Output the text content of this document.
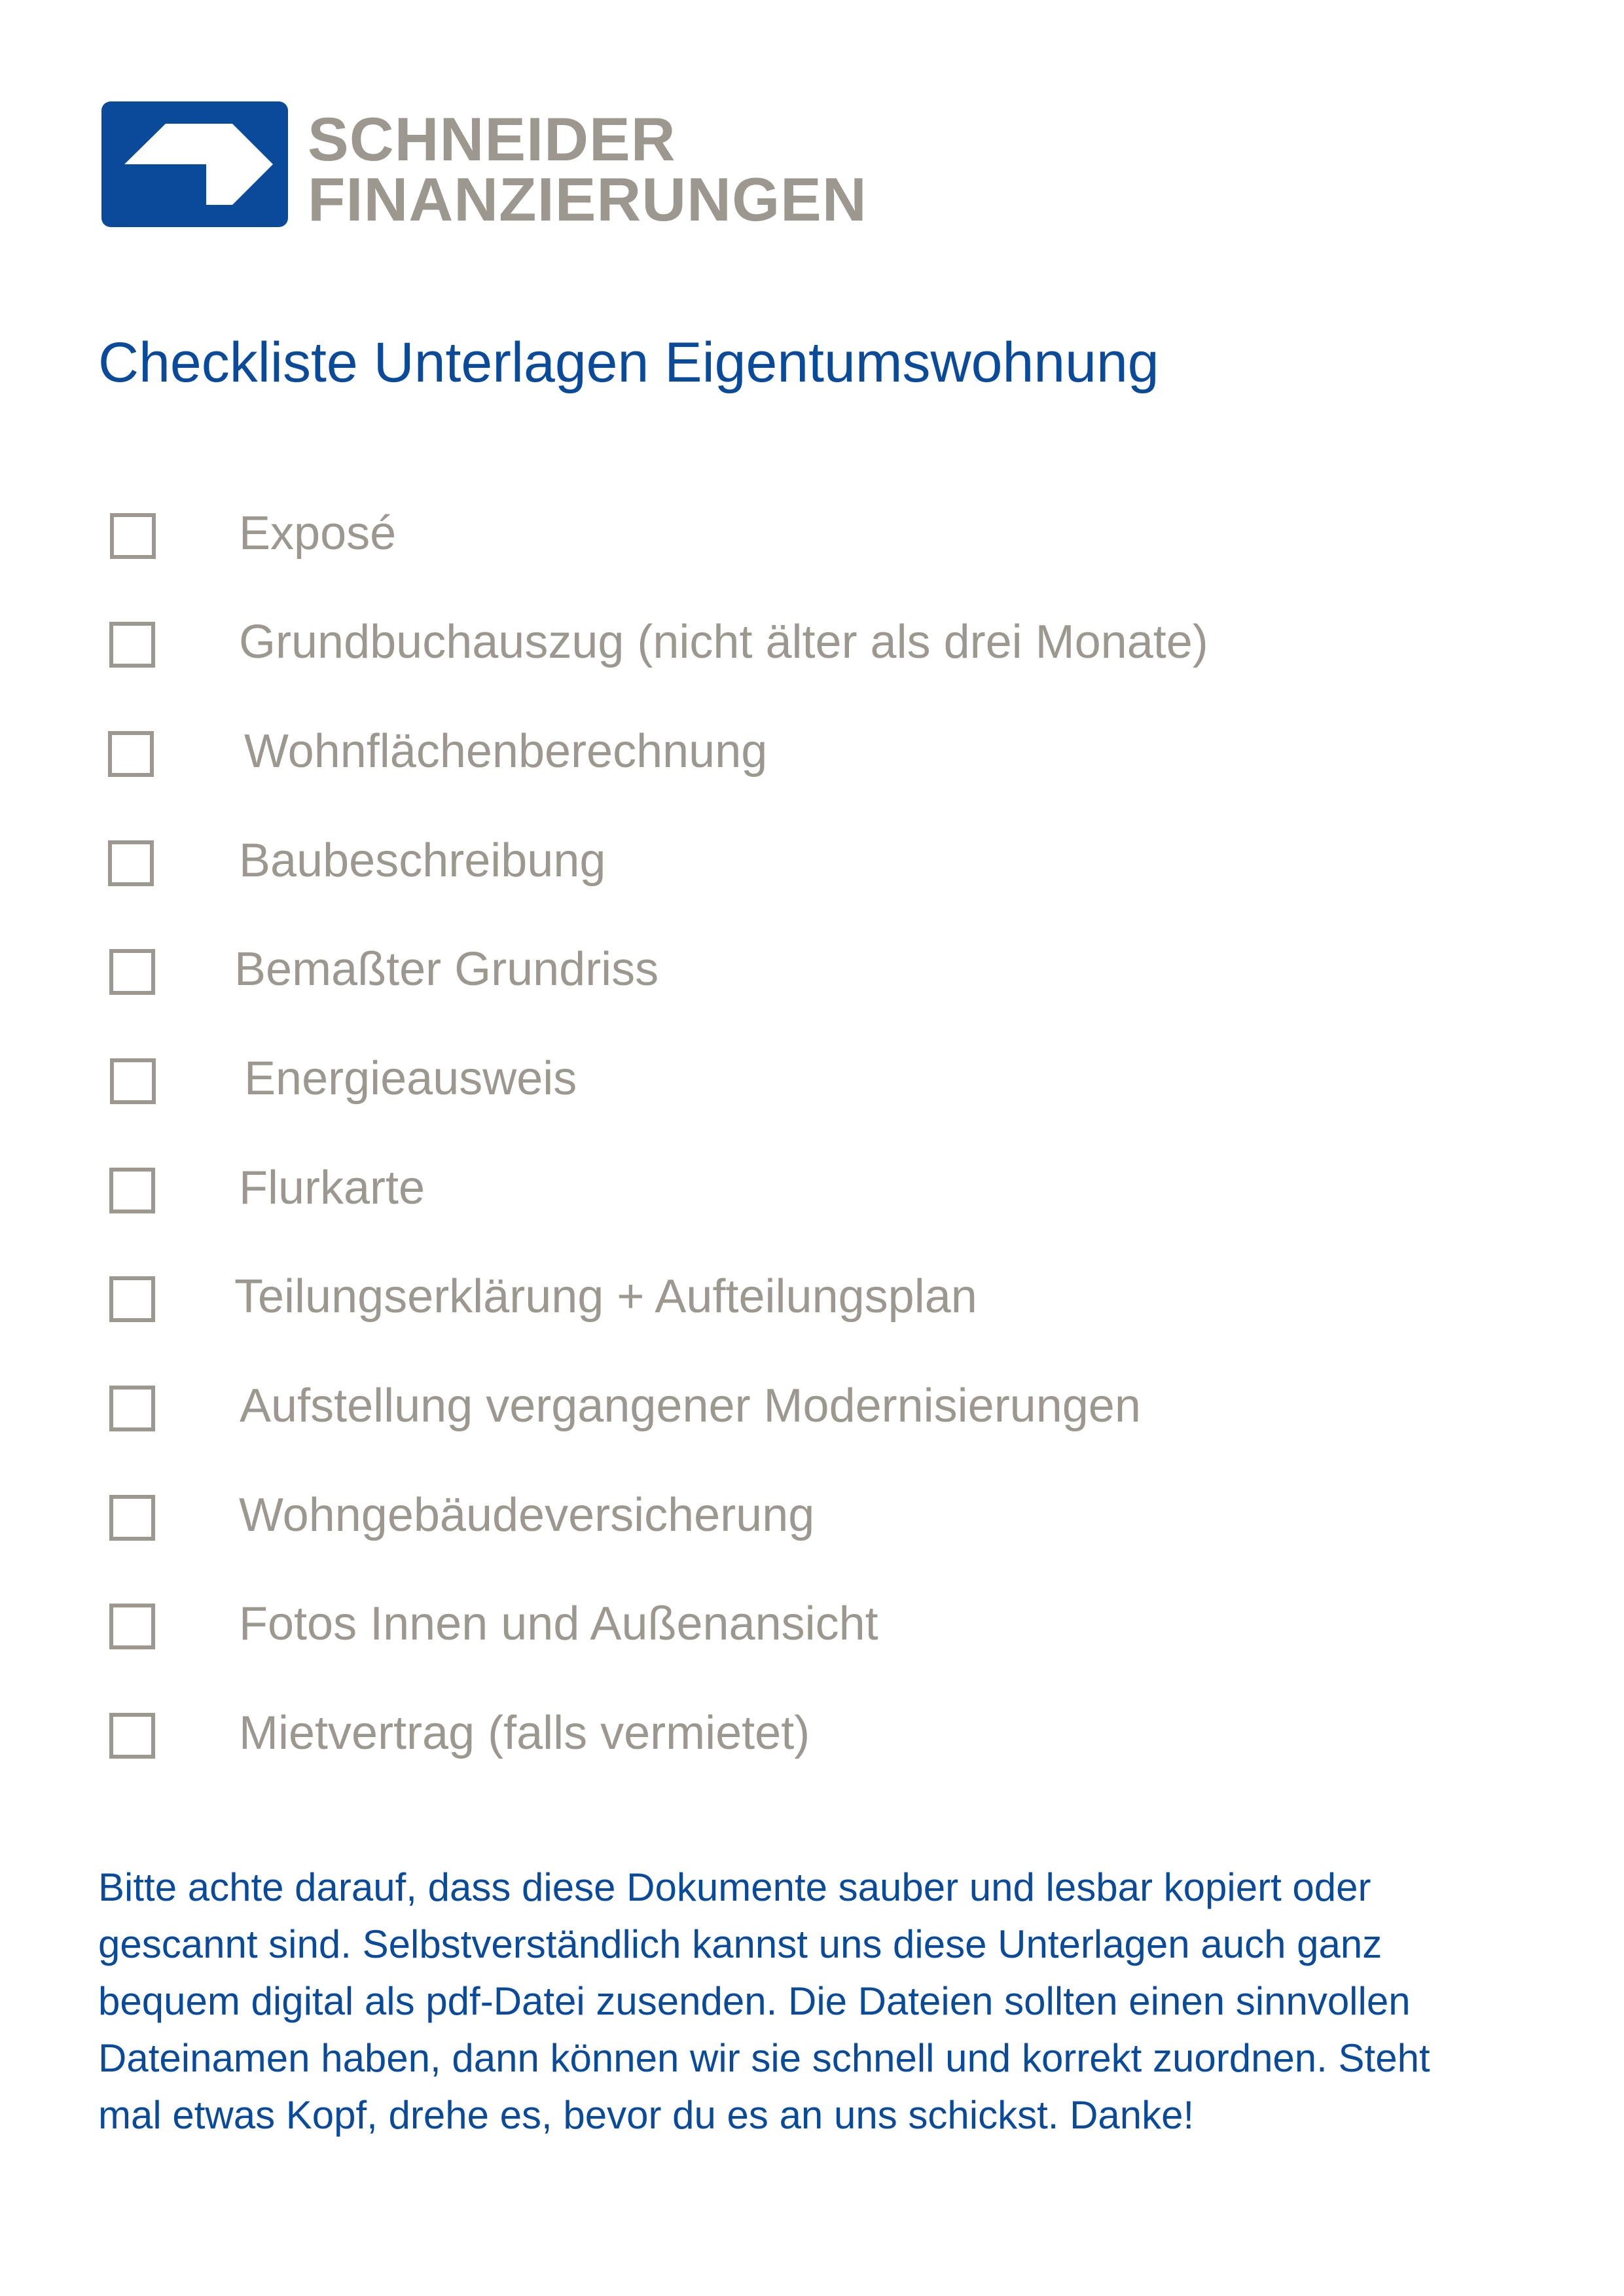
SCHNEIDER
FINANZIERUNGEN
Checkliste Unterlagen Eigentumswohnung
Exposé
Grundbuchauszug (nicht älter als drei Monate)
Wohnflächenberechnung
Baubeschreibung
Bemaßter Grundriss
Energieausweis
Flurkarte
Teilungserklärung + Aufteilungsplan
Aufstellung vergangener Modernisierungen
Wohngebäudeversicherung
Fotos Innen und Außenansicht
Mietvertrag (falls vermietet)

Bitte achte darauf, dass diese Dokumente sauber und lesbar kopiert oder
gescannt sind. Selbstverständlich kannst uns diese Unterlagen auch ganz
bequem digital als pdf-Datei zusenden. Die Dateien sollten einen sinnvollen
Dateinamen haben, dann können wir sie schnell und korrekt zuordnen. Steht
mal etwas Kopf, drehe es, bevor du es an uns schickst. Danke!
